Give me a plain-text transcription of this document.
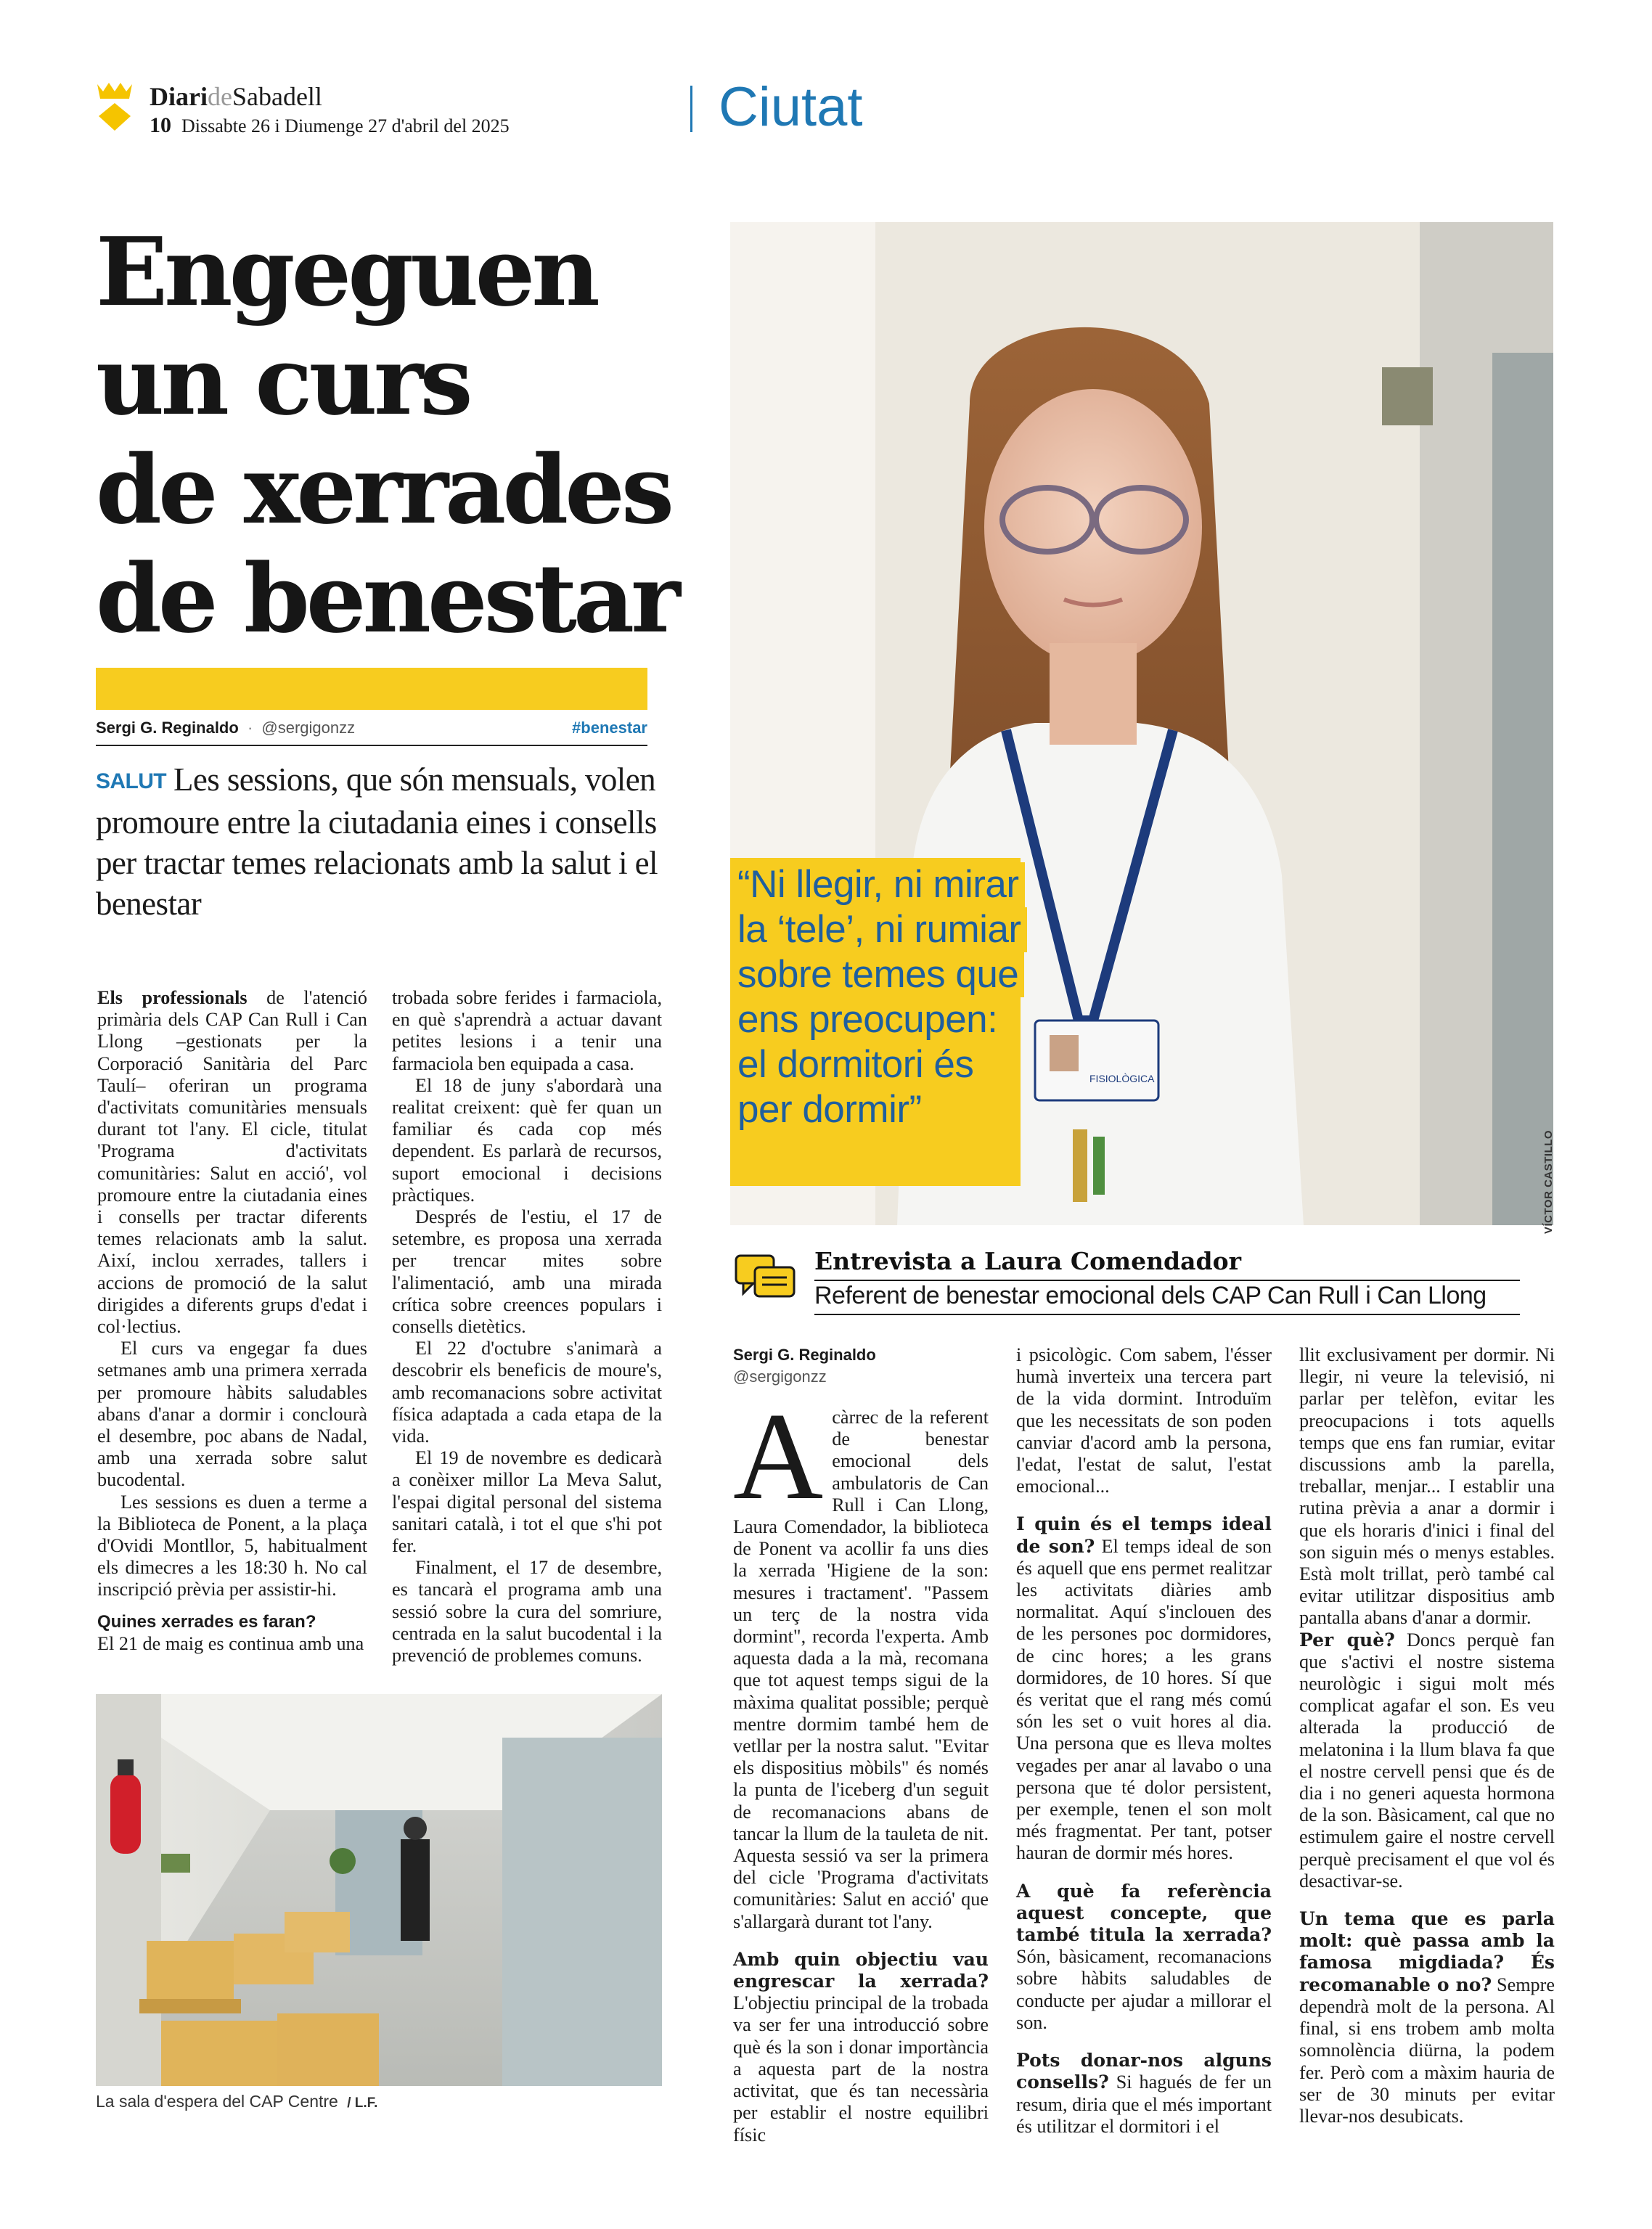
DiarideSabadell
10 Dissabte 26 i Diumenge 27 d'abril del 2025	Ciutat
Engeguen
un curs
de xerrades
de benestar
Sergi G. Reginaldo · @sergigonzz	#benestar
SALUT Les sessions, que són mensuals, volen promoure entre la ciutadania eines i consells per tractar temes relacionats amb la salut i el benestar

Els professionals de l'atenció primària dels CAP Can Rull i Can Llong –gestionats per la Corporació Sanitària del Parc Taulí– oferiran un programa d'activitats comunitàries mensuals durant tot l'any. El cicle, titulat 'Programa d'activitats comunitàries: Salut en acció', vol promoure entre la ciutadania eines i consells per tractar diferents temes relacionats amb la salut. Així, inclou xerrades, tallers i accions de promoció de la salut dirigides a diferents grups d'edat i col·lectius.

El curs va engegar fa dues setmanes amb una primera xerrada per promoure hàbits saludables abans d'anar a dormir i conclourà el desembre, poc abans de Nadal, amb una xerrada sobre salut bucodental.

Les sessions es duen a terme a la Biblioteca de Ponent, a la plaça d'Ovidi Montllor, 5, habitualment els dimecres a les 18:30 h. No cal inscripció prèvia per assistir-hi.

Quines xerrades es faran?

El 21 de maig es continua amb una

trobada sobre ferides i farmaciola, en què s'aprendrà a actuar davant petites lesions i a tenir una farmaciola ben equipada a casa.

El 18 de juny s'abordarà una realitat creixent: què fer quan un familiar és cada cop més dependent. Es parlarà de recursos, suport emocional i decisions pràctiques.

Després de l'estiu, el 17 de setembre, es proposa una xerrada per trencar mites sobre l'alimentació, amb una mirada crítica sobre creences populars i consells dietètics.

El 22 d'octubre s'animarà a descobrir els beneficis de moure's, amb recomanacions sobre activitat física adaptada a cada etapa de la vida.

El 19 de novembre es dedicarà a conèixer millor La Meva Salut, l'espai digital personal del sistema sanitari català, i tot el que s'hi pot fer.

Finalment, el 17 de desembre, es tancarà el programa amb una sessió sobre la cura del somriure, centrada en la salut bucodental i la prevenció de problemes comuns.

La sala d'espera del CAP Centre / L.F.
FISIOLÒGICA
VÍCTOR CASTILLO
“Ni llegir, ni mirar
la ‘tele’, ni rumiar
sobre temes que
ens preocupen:
el dormitori és
per dormir”
Entrevista a Laura Comendador
Referent de benestar emocional dels CAP Can Rull i Can Llong
Sergi G. Reginaldo
@sergigonzz
A càrrec de la referent de benestar emocional dels ambulatoris de Can Rull i Can Llong, Laura Comendador, la biblioteca de Ponent va acollir fa uns dies la xerrada 'Higiene de la son: mesures i tractament'. "Passem un terç de la nostra vida dormint", recorda l'experta. Amb aquesta dada a la mà, recomana que tot aquest temps sigui de la màxima qualitat possible; perquè mentre dormim també hem de vetllar per la nostra salut. "Evitar els dispositius mòbils" és només la punta de l'iceberg d'un seguit de recomanacions abans de tancar la llum de la tauleta de nit. Aquesta sessió va ser la primera del cicle 'Programa d'activitats comunitàries: Salut en acció' que s'allargarà durant tot l'any.

Amb quin objectiu vau engrescar la xerrada? L'objectiu principal de la trobada va ser fer una introducció sobre què és la son i donar importància a aquesta part de la nostra activitat, que és tan necessària per establir el nostre equilibri físic

i psicològic. Com sabem, l'ésser humà inverteix una tercera part de la vida dormint. Introduïm que les necessitats de son poden canviar d'acord amb la persona, l'edat, l'estat de salut, l'estat emocional...

I quin és el temps ideal de son? El temps ideal de son és aquell que ens permet realitzar les activitats diàries amb normalitat. Aquí s'inclouen des de les persones poc dormidores, de cinc hores; a les grans dormidores, de 10 hores. Sí que és veritat que el rang més comú són les set o vuit hores al dia. Una persona que es lleva moltes vegades per anar al lavabo o una persona que té dolor persistent, per exemple, tenen el son molt més fragmentat. Per tant, potser hauran de dormir més hores.

A què fa referència aquest concepte, que també titula la xerrada? Són, bàsicament, recomanacions sobre hàbits saludables de conducte per ajudar a millorar el son.

Pots donar-nos alguns consells? Si hagués de fer un resum, diria que el més important és utilitzar el dormitori i el

llit exclusivament per dormir. Ni llegir, ni veure la televisió, ni parlar per telèfon, evitar les preocupacions i tots aquells temps que ens fan rumiar, evitar discussions amb la parella, treballar, menjar... I establir una rutina prèvia a anar a dormir i que els horaris d'inici i final del son siguin més o menys estables. Està molt trillat, però també cal evitar utilitzar dispositius amb pantalla abans d'anar a dormir.

Per què? Doncs perquè fan que s'activi el nostre sistema neurològic i sigui molt més complicat agafar el son. Es veu alterada la producció de melatonina i la llum blava fa que el nostre cervell pensi que és de dia i no generi aquesta hormona de la son. Bàsicament, cal que no estimulem gaire el nostre cervell perquè precisament el que vol és desactivar-se.

Un tema que es parla molt: què passa amb la famosa migdiada? És recomanable o no? Sempre dependrà molt de la persona. Al final, si ens trobem amb molta somnolència diürna, la podem fer. Però com a màxim hauria de ser de 30 minuts per evitar llevar-nos desubicats.
